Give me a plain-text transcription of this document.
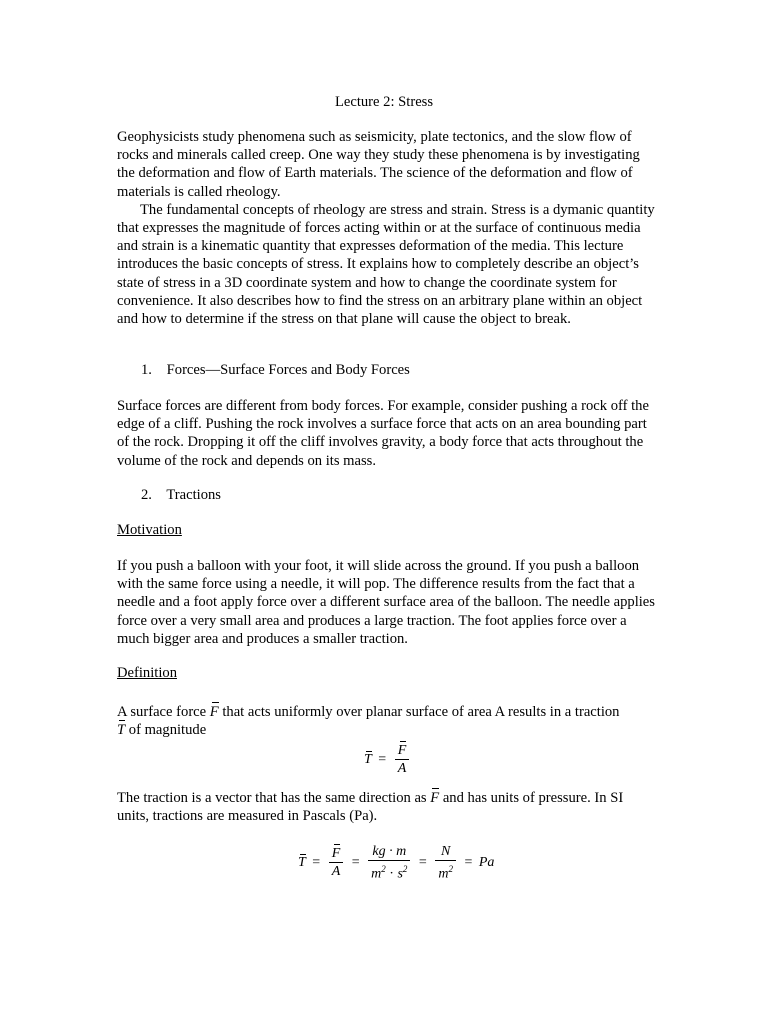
Lecture 2: Stress

Geophysicists study phenomena such as seismicity, plate tectonics, and the slow flow of rocks and minerals called creep. One way they study these phenomena is by investigating the deformation and flow of Earth materials. The science of the deformation and flow of materials is called rheology.

The fundamental concepts of rheology are stress and strain. Stress is a dymanic quantity that expresses the magnitude of forces acting within or at the surface of continuous media and strain is a kinematic quantity that expresses deformation of the media. This lecture introduces the basic concepts of stress. It explains how to completely describe an object’s state of stress in a 3D coordinate system and how to change the coordinate system for convenience. It also describes how to find the stress on an arbitrary plane within an object and how to determine if the stress on that plane will cause the object to break.

1. Forces—Surface Forces and Body Forces
Surface forces are different from body forces. For example, consider pushing a rock off the edge of a cliff. Pushing the rock involves a surface force that acts on an area bounding part of the rock. Dropping it off the cliff involves gravity, a body force that acts throughout the volume of the rock and depends on its mass.
2. Tractions
Motivation
If you push a balloon with your foot, it will slide across the ground. If you push a balloon with the same force using a needle, it will pop. The difference results from the fact that a needle and a foot apply force over a different surface area of the balloon. The needle applies force over a very small area and produces a large traction. The foot applies force over a much bigger area and produces a smaller traction.
Definition
A surface force F that acts uniformly over planar surface of area A results in a traction
T of magnitude
$T = \frac{F}{A}$
The traction is a vector that has the same direction as F and has units of pressure. In SI units, tractions are measured in Pascals (Pa).
$T = \frac{F}{A} = \frac{kg \cdot m}{m^2 \cdot s^2} = \frac{N}{m^2} = Pa$
